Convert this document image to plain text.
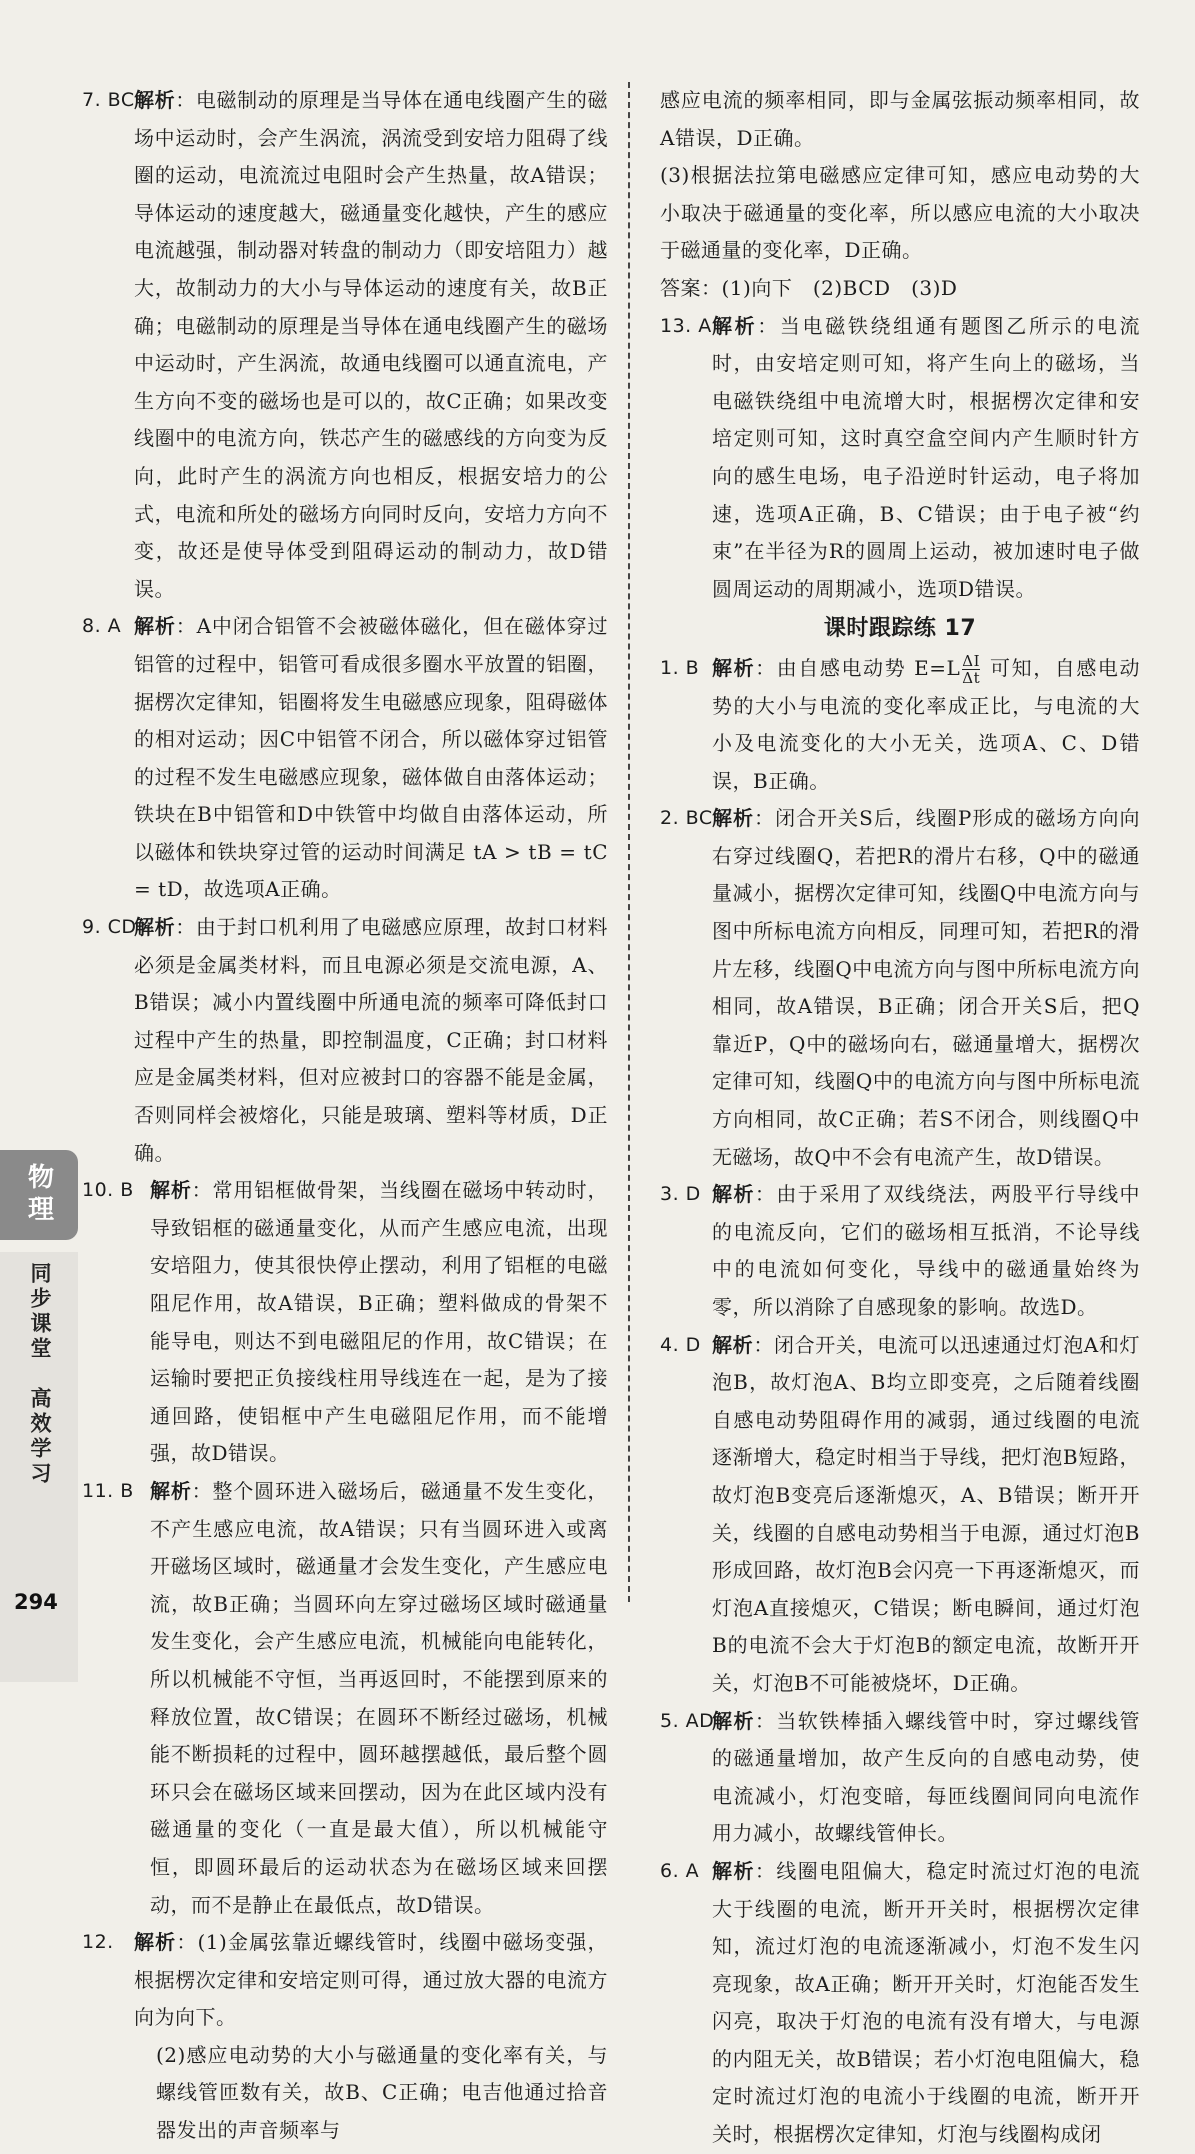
7. BC 解析：电磁制动的原理是当导体在通电线圈产生的磁场中运动时，会产生涡流，涡流受到安培力阻碍了线圈的运动，电流流过电阻时会产生热量，故A错误；导体运动的速度越大，磁通量变化越快，产生的感应电流越强，制动器对转盘的制动力（即安培阻力）越大，故制动力的大小与导体运动的速度有关，故B正确；电磁制动的原理是当导体在通电线圈产生的磁场中运动时，产生涡流，故通电线圈可以通直流电，产生方向不变的磁场也是可以的，故C正确；如果改变线圈中的电流方向，铁芯产生的磁感线的方向变为反向，此时产生的涡流方向也相反，根据安培力的公式，电流和所处的磁场方向同时反向，安培力方向不变，故还是使导体受到阻碍运动的制动力，故D错误。
8. A 解析：A中闭合铝管不会被磁体磁化，但在磁体穿过铝管的过程中，铝管可看成很多圈水平放置的铝圈，据楞次定律知，铝圈将发生电磁感应现象，阻碍磁体的相对运动；因C中铝管不闭合，所以磁体穿过铝管的过程不发生电磁感应现象，磁体做自由落体运动；铁块在B中铝管和D中铁管中均做自由落体运动，所以磁体和铁块穿过管的运动时间满足 tA > tB = tC = tD，故选项A正确。
9. CD
解析：由于封口机利用了电磁感应原理，故封口材料必须是金属类材料，而且电源必须是交流电源，A、B错误；减小内置线圈中所通电流的频率可降低封口过程中产生的热量，即控制温度，C正确；封口材料应是金属类材料，但对应被封口的容器不能是金属，否则同样会被熔化，只能是玻璃、塑料等材质，D正确。
10. B 解析：常用铝框做骨架，当线圈在磁场中转动时，导致铝框的磁通量变化，从而产生感应电流，出现安培阻力，使其很快停止摆动，利用了铝框的电磁阻尼作用，故A错误，B正确；塑料做成的骨架不能导电，则达不到电磁阻尼的作用，故C错误；在运输时要把正负接线柱用导线连在一起，是为了接通回路，使铝框中产生电磁阻尼作用，而不能增强，故D错误。
11. B 解析：整个圆环进入磁场后，磁通量不发生变化，不产生感应电流，故A错误；只有当圆环进入或离开磁场区域时，磁通量才会发生变化，产生感应电流，故B正确；当圆环向左穿过磁场区域时磁通量发生变化，会产生感应电流，机械能向电能转化，所以机械能不守恒，当再返回时，不能摆到原来的释放位置，故C错误；在圆环不断经过磁场，机械能不断损耗的过程中，圆环越摆越低，最后整个圆环只会在磁场区域来回摆动，因为在此区域内没有磁通量的变化（一直是最大值），所以机械能守恒，即圆环最后的运动状态为在磁场区域来回摆动，而不是静止在最低点，故D错误。
12. 解析：(1)金属弦靠近螺线管时，线圈中磁场变强，根据楞次定律和安培定则可得，通过放大器的电流方向为向下。
(2)感应电动势的大小与磁通量的变化率有关，与螺线管匝数有关，故B、C正确；电吉他通过拾音器发出的声音频率与
感应电流的频率相同，即与金属弦振动频率相同，故A错误，D正确。
(3)根据法拉第电磁感应定律可知，感应电动势的大小取决于磁通量的变化率，所以感应电流的大小取决于磁通量的变化率，D正确。
答案：(1)向下　(2)BCD　(3)D
13. A 解析：当电磁铁绕组通有题图乙所示的电流时，由安培定则可知，将产生向上的磁场，当电磁铁绕组中电流增大时，根据楞次定律和安培定则可知，这时真空盒空间内产生顺时针方向的感生电场，电子沿逆时针运动，电子将加速，选项A正确，B、C错误；由于电子被“约束”在半径为R的圆周上运动，被加速时电子做圆周运动的周期减小，选项D错误。
课时跟踪练 17
1. B 解析：由自感电动势 $E=L \frac{\Delta I}{\Delta t}$ 可知，自感电动势的大小与电流的变化率成正比，与电流的大小及电流变化的大小无关，选项A、C、D错误，B正确。
2. BC 解析：闭合开关S后，线圈P形成的磁场方向向右穿过线圈Q，若把R的滑片右移，Q中的磁通量减小，据楞次定律可知，线圈Q中电流方向与图中所标电流方向相反，同理可知，若把R的滑片左移，线圈Q中电流方向与图中所标电流方向相同，故A错误，B正确；闭合开关S后，把Q靠近P，Q中的磁场向右，磁通量增大，据楞次定律可知，线圈Q中的电流方向与图中所标电流方向相同，故C正确；若S不闭合，则线圈Q中无磁场，故Q中不会有电流产生，故D错误。
3. D 解析：由于采用了双线绕法，两股平行导线中的电流反向，它们的磁场相互抵消，不论导线中的电流如何变化，导线中的磁通量始终为零，所以消除了自感现象的影响。故选D。
4. D 解析：闭合开关，电流可以迅速通过灯泡A和灯泡B，故灯泡A、B均立即变亮，之后随着线圈自感电动势阻碍作用的减弱，通过线圈的电流逐渐增大，稳定时相当于导线，把灯泡B短路，故灯泡B变亮后逐渐熄灭，A、B错误；断开开关，线圈的自感电动势相当于电源，通过灯泡B形成回路，故灯泡B会闪亮一下再逐渐熄灭，而灯泡A直接熄灭，C错误；断电瞬间，通过灯泡B的电流不会大于灯泡B的额定电流，故断开开关，灯泡B不可能被烧坏，D正确。
5. AD
解析：当软铁棒插入螺线管中时，穿过螺线管的磁通量增加，故产生反向的自感电动势，使电流减小，灯泡变暗，每匝线圈间同向电流作用力减小，故螺线管伸长。
6. A 解析：线圈电阻偏大，稳定时流过灯泡的电流大于线圈的电流，断开开关时，根据楞次定律知，流过灯泡的电流逐渐减小，灯泡不发生闪亮现象，故A正确；断开开关时，灯泡能否发生闪亮，取决于灯泡的电流有没有增大，与电源的内阻无关，故B错误；若小灯泡电阻偏大，稳定时流过灯泡的电流小于线圈的电流，断开开关时，根据楞次定律知，灯泡与线圈构成闭
物理
同步课堂　高效学习
294
